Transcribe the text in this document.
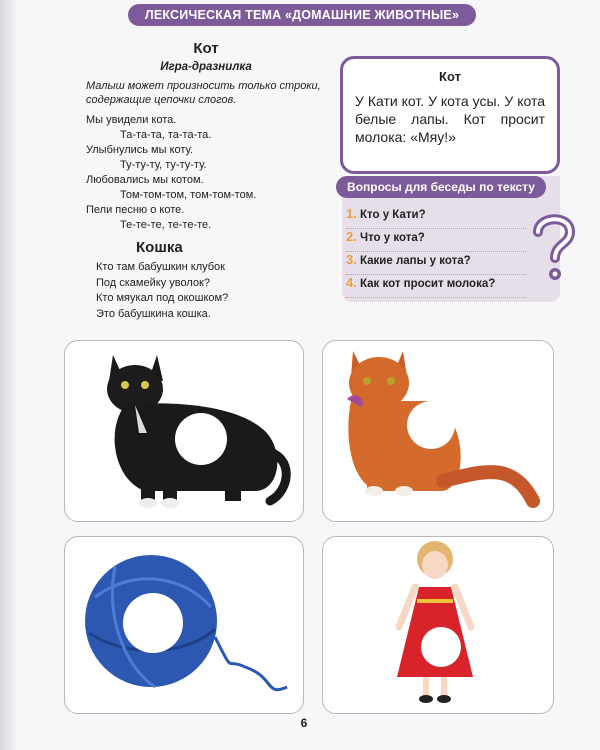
ЛЕКСИЧЕСКАЯ ТЕМА «ДОМАШНИЕ ЖИВОТНЫЕ»

Кот

Игра-дразнилка

Малыш может произносить только строки, содержащие цепочки слогов.

Мы увидели кота.
Та-та-та, та-та-та.
Улыбнулись мы коту.
Ту-ту-ту, ту-ту-ту.
Любовались мы котом.
Том-том-том, том-том-том.
Пели песню о коте.
Те-те-те, те-те-те.

Кошка

Кто там бабушкин клубок
Под скамейку уволок?
Кто мяукал под окошком?
Это бабушкина кошка.
Кот
У Кати кот. У кота усы. У кота белые лапы. Кот просит молока: «Мяу!»
Вопросы для беседы по тексту
1. Кто у Кати?
2. Что у кота?
3. Какие лапы у кота?
4. Как кот просит молока?
6
